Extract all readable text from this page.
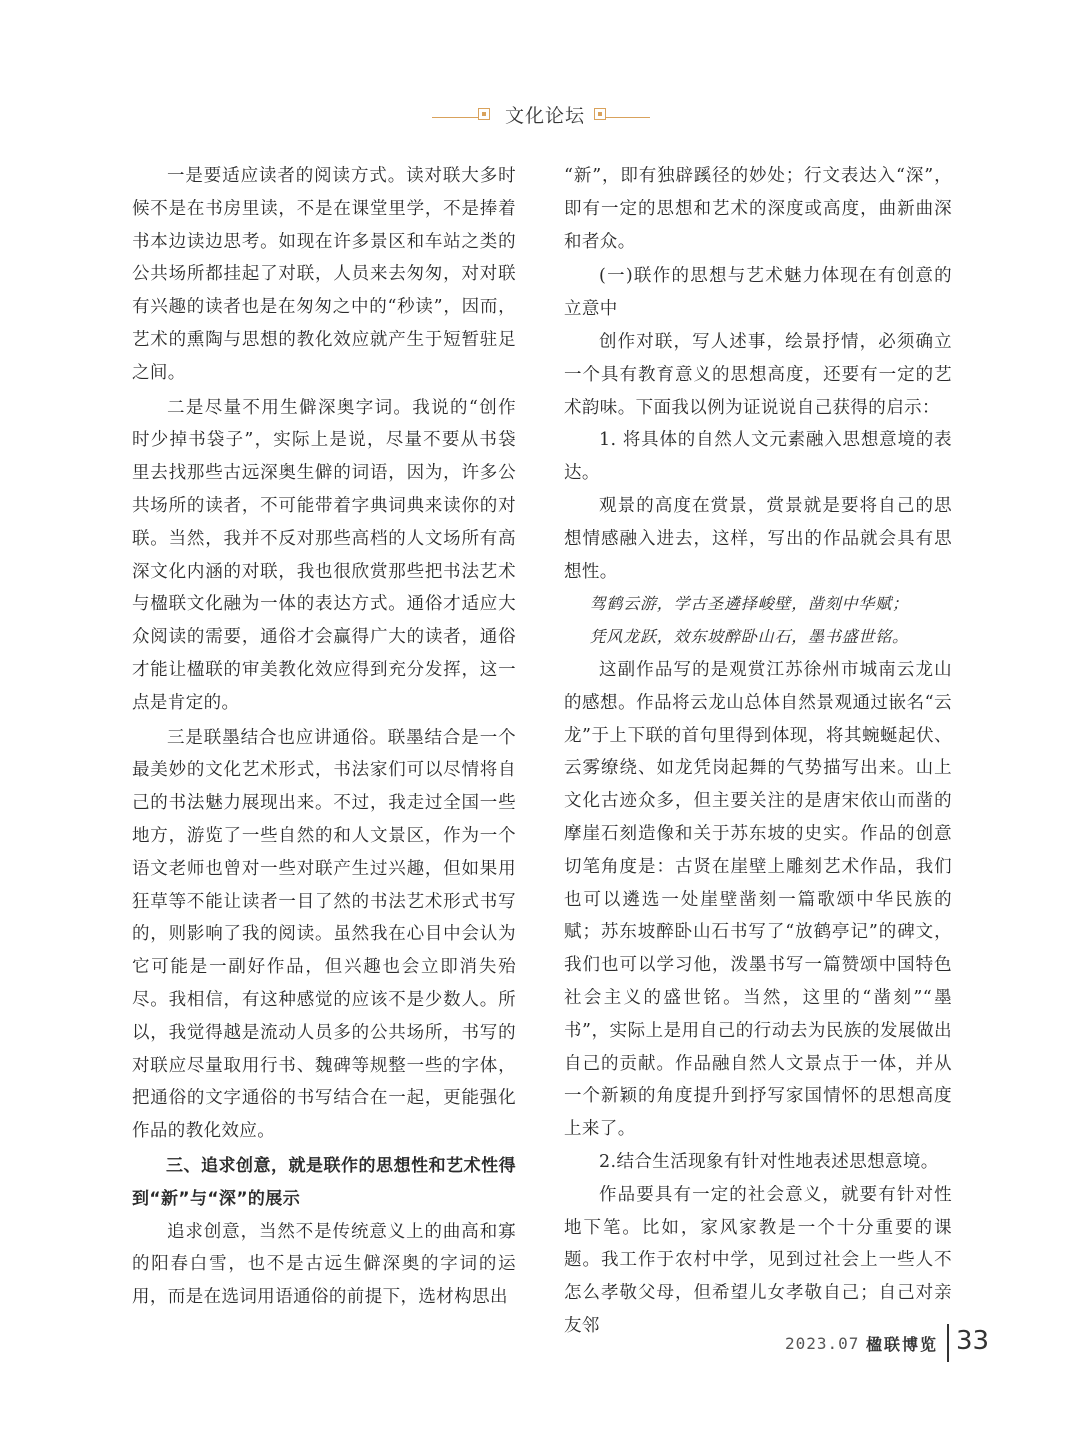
文化论坛

一是要适应读者的阅读方式。读对联大多时候不是在书房里读，不是在课堂里学，不是捧着书本边读边思考。如现在许多景区和车站之类的公共场所都挂起了对联，人员来去匆匆，对对联有兴趣的读者也是在匆匆之中的“秒读”，因而，艺术的熏陶与思想的教化效应就产生于短暂驻足之间。

二是尽量不用生僻深奥字词。我说的“创作时少掉书袋子”，实际上是说，尽量不要从书袋里去找那些古远深奥生僻的词语，因为，许多公共场所的读者，不可能带着字典词典来读你的对联。当然，我并不反对那些高档的人文场所有高深文化内涵的对联，我也很欣赏那些把书法艺术与楹联文化融为一体的表达方式。通俗才适应大众阅读的需要，通俗才会赢得广大的读者，通俗才能让楹联的审美教化效应得到充分发挥，这一点是肯定的。

三是联墨结合也应讲通俗。联墨结合是一个最美妙的文化艺术形式，书法家们可以尽情将自己的书法魅力展现出来。不过，我走过全国一些地方，游览了一些自然的和人文景区，作为一个语文老师也曾对一些对联产生过兴趣，但如果用狂草等不能让读者一目了然的书法艺术形式书写的，则影响了我的阅读。虽然我在心目中会认为它可能是一副好作品，但兴趣也会立即消失殆尽。我相信，有这种感觉的应该不是少数人。所以，我觉得越是流动人员多的公共场所，书写的对联应尽量取用行书、魏碑等规整一些的字体，把通俗的文字通俗的书写结合在一起，更能强化作品的教化效应。

三、追求创意，就是联作的思想性和艺术性得到“新”与“深”的展示

追求创意，当然不是传统意义上的曲高和寡的阳春白雪，也不是古远生僻深奥的字词的运用，而是在选词用语通俗的前提下，选材构思出

“新”，即有独辟蹊径的妙处；行文表达入“深”，即有一定的思想和艺术的深度或高度，曲新曲深和者众。

(一)联作的思想与艺术魅力体现在有创意的立意中

创作对联，写人述事，绘景抒情，必须确立一个具有教育意义的思想高度，还要有一定的艺术韵味。下面我以例为证说说自己获得的启示：

1. 将具体的自然人文元素融入思想意境的表达。

观景的高度在赏景，赏景就是要将自己的思想情感融入进去，这样，写出的作品就会具有思想性。

驾鹤云游，学古圣遴择峻壁，凿刻中华赋；

凭风龙跃，效东坡醉卧山石，墨书盛世铭。

这副作品写的是观赏江苏徐州市城南云龙山的感想。作品将云龙山总体自然景观通过嵌名“云龙”于上下联的首句里得到体现，将其蜿蜒起伏、云雾缭绕、如龙凭岗起舞的气势描写出来。山上文化古迹众多，但主要关注的是唐宋依山而凿的摩崖石刻造像和关于苏东坡的史实。作品的创意切笔角度是：古贤在崖壁上雕刻艺术作品，我们也可以遴选一处崖壁凿刻一篇歌颂中华民族的赋；苏东坡醉卧山石书写了“放鹤亭记”的碑文，我们也可以学习他，泼墨书写一篇赞颂中国特色社会主义的盛世铭。当然，这里的“凿刻”“墨书”，实际上是用自己的行动去为民族的发展做出自己的贡献。作品融自然人文景点于一体，并从一个新颖的角度提升到抒写家国情怀的思想高度上来了。

2.结合生活现象有针对性地表述思想意境。

作品要具有一定的社会意义，就要有针对性地下笔。比如，家风家教是一个十分重要的课题。我工作于农村中学，见到过社会上一些人不怎么孝敬父母，但希望儿女孝敬自己；自己对亲友邻

2023.07 楹联博览 33
